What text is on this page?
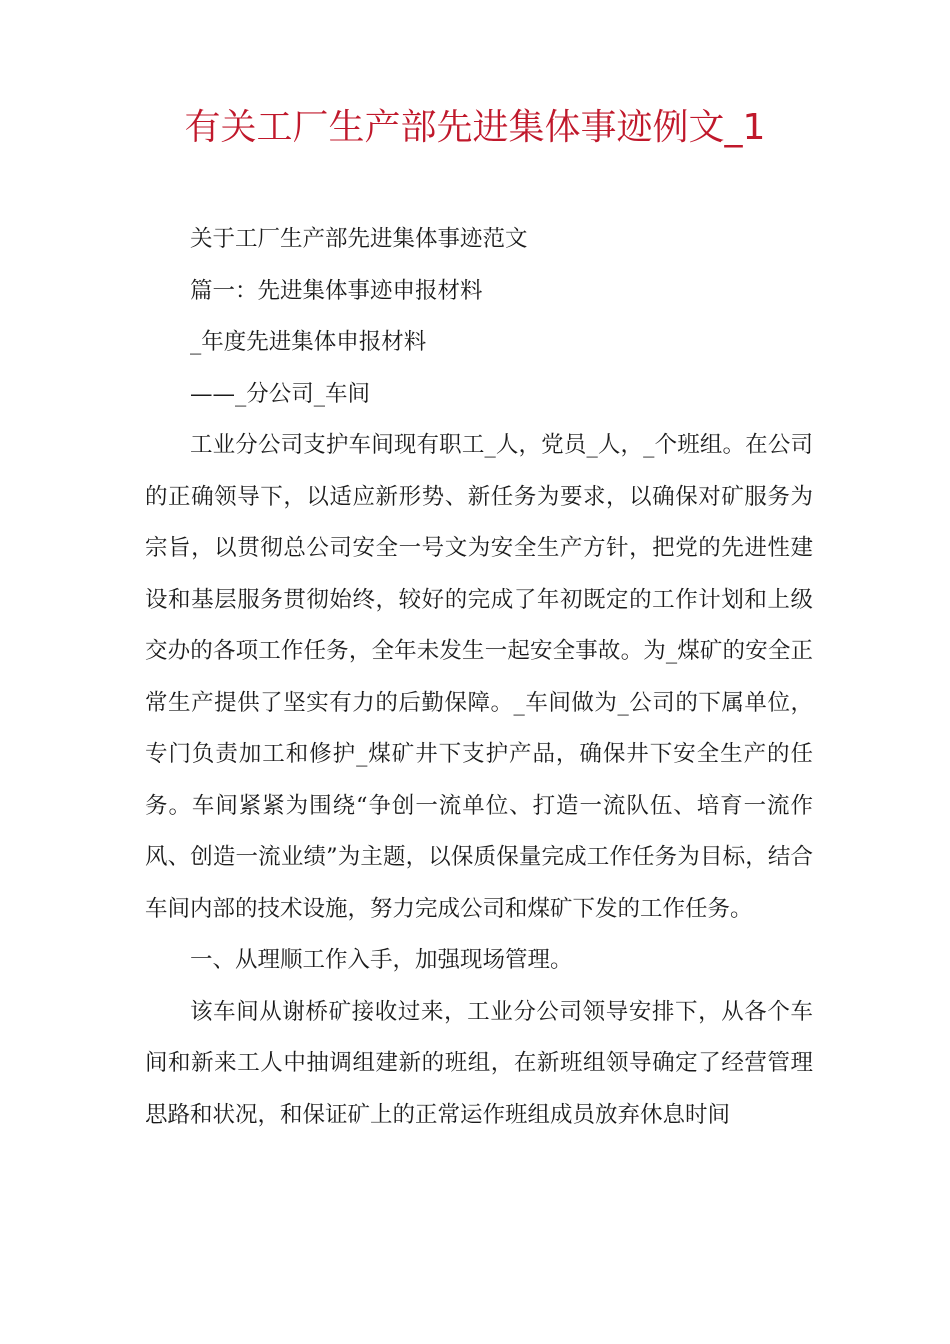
有关工厂生产部先进集体事迹例文_1

关于工厂生产部先进集体事迹范文

篇一：先进集体事迹申报材料

_年度先进集体申报材料

——_分公司_车间

工业分公司支护车间现有职工_人，党员_人，_个班组。在公司的正确领导下，以适应新形势、新任务为要求，以确保对矿服务为宗旨，以贯彻总公司安全一号文为安全生产方针，把党的先进性建设和基层服务贯彻始终，较好的完成了年初既定的工作计划和上级交办的各项工作任务，全年未发生一起安全事故。为_煤矿的安全正常生产提供了坚实有力的后勤保障。_车间做为_公司的下属单位，专门负责加工和修护_煤矿井下支护产品，确保井下安全生产的任务。车间紧紧为围绕“争创一流单位、打造一流队伍、培育一流作风、创造一流业绩”为主题，以保质保量完成工作任务为目标，结合车间内部的技术设施，努力完成公司和煤矿下发的工作任务。

一、从理顺工作入手，加强现场管理。

该车间从谢桥矿接收过来，工业分公司领导安排下，从各个车间和新来工人中抽调组建新的班组，在新班组领导确定了经营管理思路和状况，和保证矿上的正常运作班组成员放弃休息时间
